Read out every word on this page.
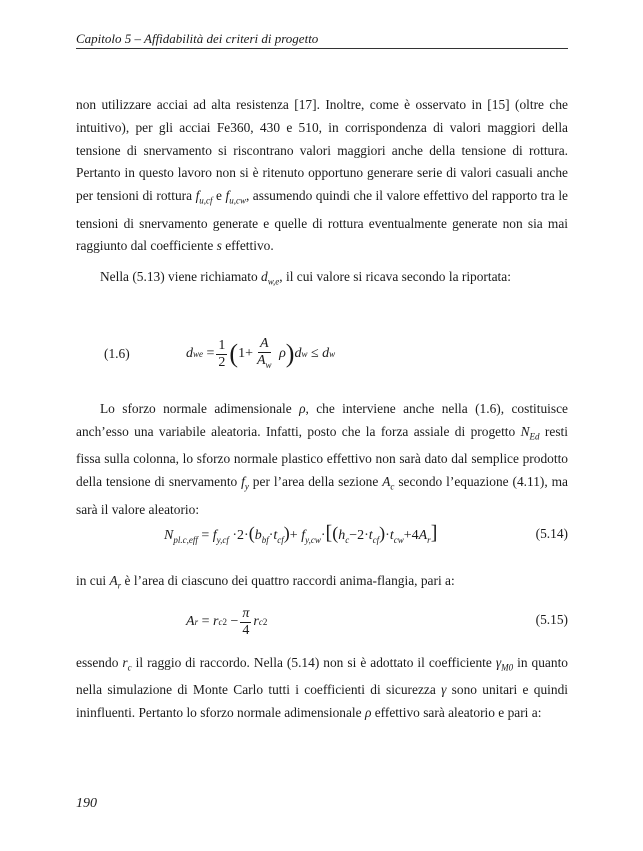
Capitolo 5 – Affidabilità dei criteri di progetto

non utilizzare acciai ad alta resistenza [17]. Inoltre, come è osservato in [15] (oltre che intuitivo), per gli acciai Fe360, 430 e 510, in corrispondenza di valori maggiori della tensione di snervamento si riscontrano valori maggiori anche della tensione di rottura. Pertanto in questo lavoro non si è ritenuto opportuno generare serie di valori casuali anche per tensioni di rottura $f_{u,cf}$ e $f_{u,cw}$, assumendo quindi che il valore effettivo del rapporto tra le tensioni di snervamento generate e quelle di rottura eventualmente generate non sia mai raggiunto dal coefficiente s effettivo.

Nella (5.13) viene richiamato $d_{w,e}$, il cui valore si ricava secondo la riportata:

(1.6)	d we
= $\frac{1}{2}$ ( $1+ \frac{A}{A_w}$ ρ ) d w
≤ d w

Lo sforzo normale adimensionale ρ, che interviene anche nella (1.6), costituisce anch’esso una variabile aleatoria. Infatti, posto che la forza assiale di progetto $N_{Ed}$ resti fissa sulla colonna, lo sforzo normale plastico effettivo non sarà dato dal semplice prodotto della tensione di snervamento $f_y$ per l’area della sezione $A_c$ secondo l’equazione (4.11), ma sarà il valore aleatorio:

$N_{pl.c,eff} = f_{y,cf} \cdot 2\cdot(b_{bf}\cdot t_{cf})+ f_{y,cw}\cdot[(h_c-2\cdot t_{cf})\cdot t_{cw}+4A_r]$	(5.14)

in cui $A_r$ è l’area di ciascuno dei quattro raccordi anima-flangia, pari a:

A r
= r c 2
− $\frac{\pi}{4}$ r c 2	(5.15)

essendo $r_c$ il raggio di raccordo. Nella (5.14) non si è adottato il coefficiente $\gamma_{M0}$ in quanto nella simulazione di Monte Carlo tutti i coefficienti di sicurezza γ sono unitari e quindi ininfluenti. Pertanto lo sforzo normale adimensionale ρ effettivo sarà aleatorio e pari a:

190
